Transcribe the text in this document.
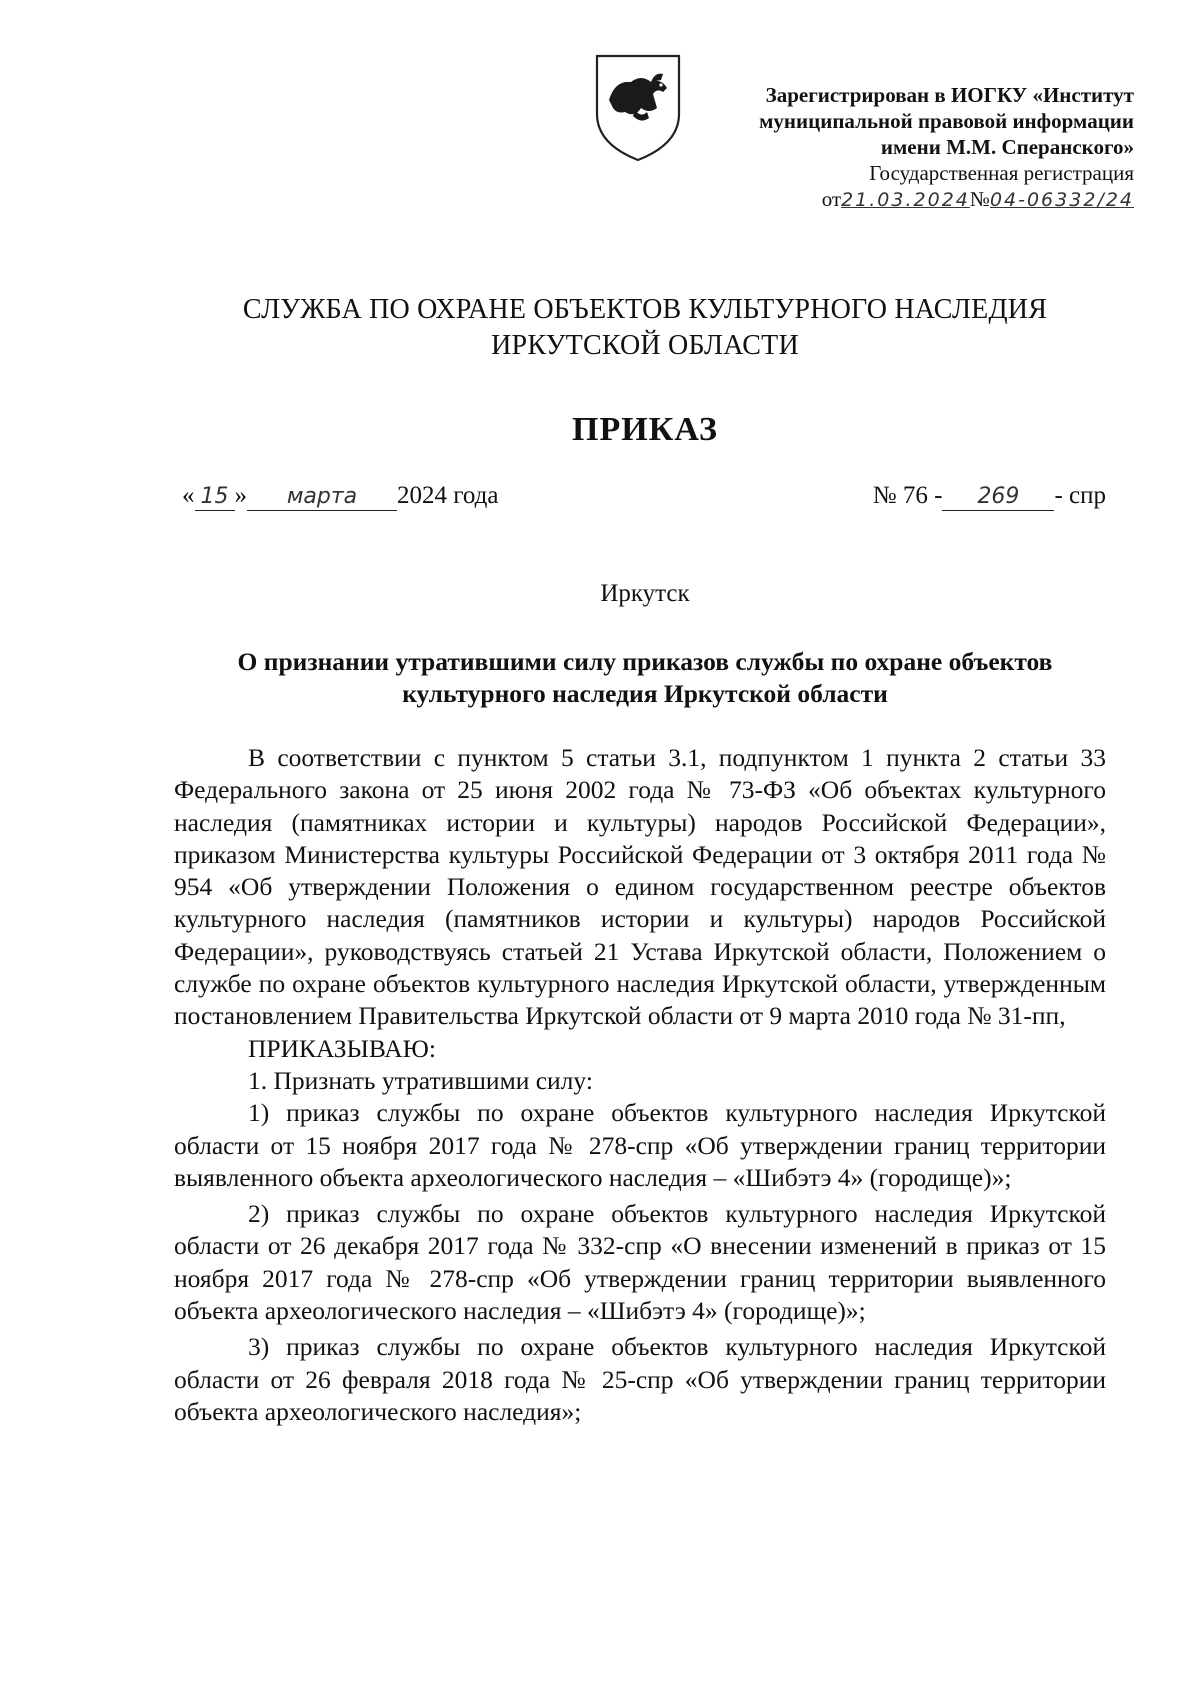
Зарегистрирован в ИОГКУ «Институт
муниципальной правовой информации
имени М.М. Сперанского»
Государственная регистрация
от21.03.2024№04-06332/24
СЛУЖБА ПО ОХРАНЕ ОБЪЕКТОВ КУЛЬТУРНОГО НАСЛЕДИЯ
ИРКУТСКОЙ ОБЛАСТИ
ПРИКАЗ
« 15 » марта 2024 года	№ 76 - 269 - спр
Иркутск
О признании утратившими силу приказов службы по охране объектов
культурного наследия Иркутской области

В соответствии с пунктом 5 статьи 3.1, подпунктом 1 пункта 2 статьи 33 Федерального закона от 25 июня 2002 года № 73-ФЗ «Об объектах культурного наследия (памятниках истории и культуры) народов Российской Федерации», приказом Министерства культуры Российской Федерации от 3 октября 2011 года № 954 «Об утверждении Положения о едином государственном реестре объектов культурного наследия (памятников истории и культуры) народов Российской Федерации», руководствуясь статьей 21 Устава Иркутской области, Положением о службе по охране объектов культурного наследия Иркутской области, утвержденным постановлением Правительства Иркутской области от 9 марта 2010 года № 31-пп,

ПРИКАЗЫВАЮ:

1. Признать утратившими силу:

1) приказ службы по охране объектов культурного наследия Иркутской области от 15 ноября 2017 года № 278-спр «Об утверждении границ территории выявленного объекта археологического наследия – «Шибэтэ 4» (городище)»;

2) приказ службы по охране объектов культурного наследия Иркутской области от 26 декабря 2017 года № 332-спр «О внесении изменений в приказ от 15 ноября 2017 года № 278-спр «Об утверждении границ территории выявленного объекта археологического наследия – «Шибэтэ 4» (городище)»;

3) приказ службы по охране объектов культурного наследия Иркутской области от 26 февраля 2018 года № 25-спр «Об утверждении границ территории объекта археологического наследия»;
